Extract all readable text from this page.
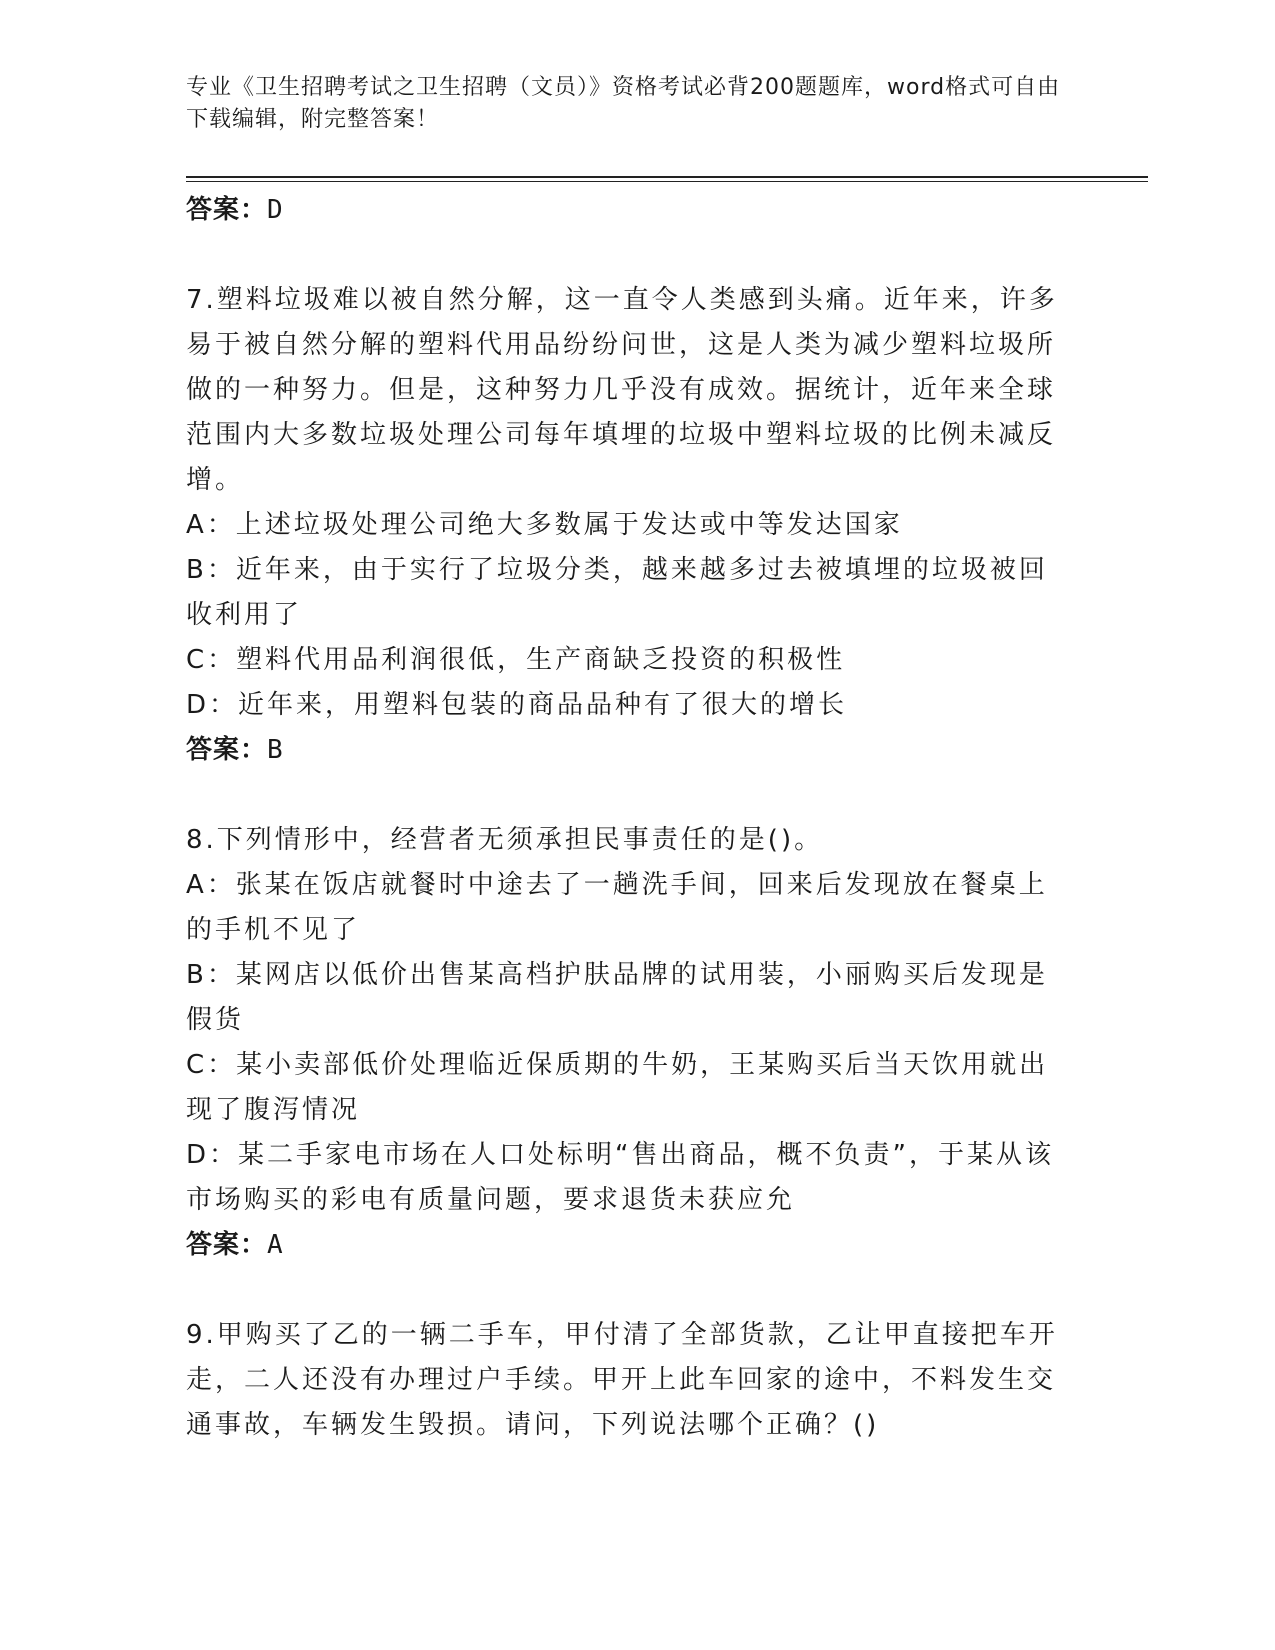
专业《卫生招聘考试之卫生招聘（文员）》资格考试必背200题题库，word格式可自由下载编辑，附完整答案！
答案：D
7.塑料垃圾难以被自然分解，这一直令人类感到头痛。近年来，许多易于被自然分解的塑料代用品纷纷问世，这是人类为减少塑料垃圾所做的一种努力。但是，这种努力几乎没有成效。据统计，近年来全球范围内大多数垃圾处理公司每年填埋的垃圾中塑料垃圾的比例未减反增。
A：上述垃圾处理公司绝大多数属于发达或中等发达国家
B：近年来，由于实行了垃圾分类，越来越多过去被填埋的垃圾被回收利用了
C：塑料代用品利润很低，生产商缺乏投资的积极性
D：近年来，用塑料包装的商品品种有了很大的增长
答案：B
8.下列情形中，经营者无须承担民事责任的是()。
A：张某在饭店就餐时中途去了一趟洗手间，回来后发现放在餐桌上的手机不见了
B：某网店以低价出售某高档护肤品牌的试用装，小丽购买后发现是假货
C：某小卖部低价处理临近保质期的牛奶，王某购买后当天饮用就出现了腹泻情况
D：某二手家电市场在人口处标明“售出商品，概不负责”，于某从该市场购买的彩电有质量问题，要求退货未获应允
答案：A
9.甲购买了乙的一辆二手车，甲付清了全部货款，乙让甲直接把车开走，二人还没有办理过户手续。甲开上此车回家的途中，不料发生交通事故，车辆发生毁损。请问，下列说法哪个正确？()
